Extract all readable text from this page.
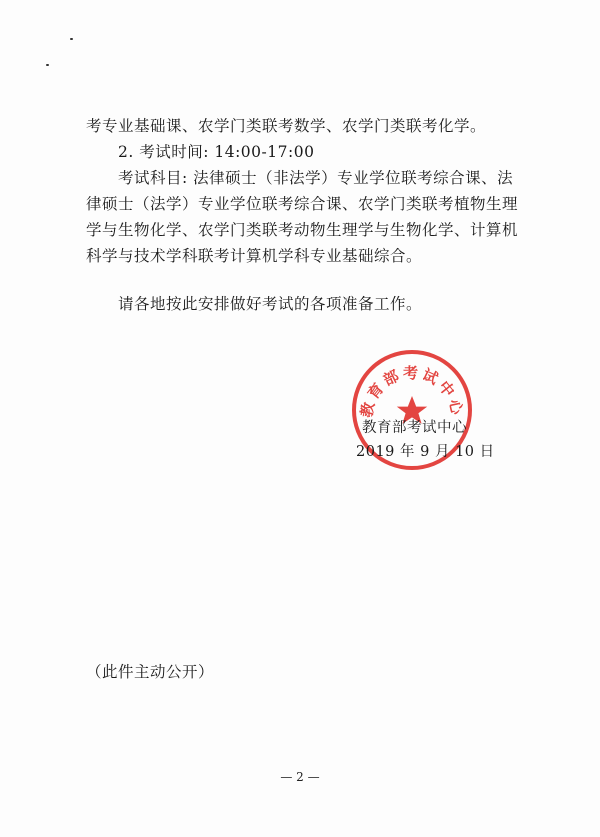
考专业基础课、农学门类联考数学、农学门类联考化学。
2. 考试时间: 14:00-17:00
考试科目: 法律硕士（非法学）专业学位联考综合课、法
律硕士（法学）专业学位联考综合课、农学门类联考植物生理
学与生物化学、农学门类联考动物生理学与生物化学、计算机
科学与技术学科联考计算机学科专业基础综合。
请各地按此安排做好考试的各项准备工作。
教育部考试中心
教育部考试中心
2019 年 9 月 10 日
（此件主动公开）
— 2 —
